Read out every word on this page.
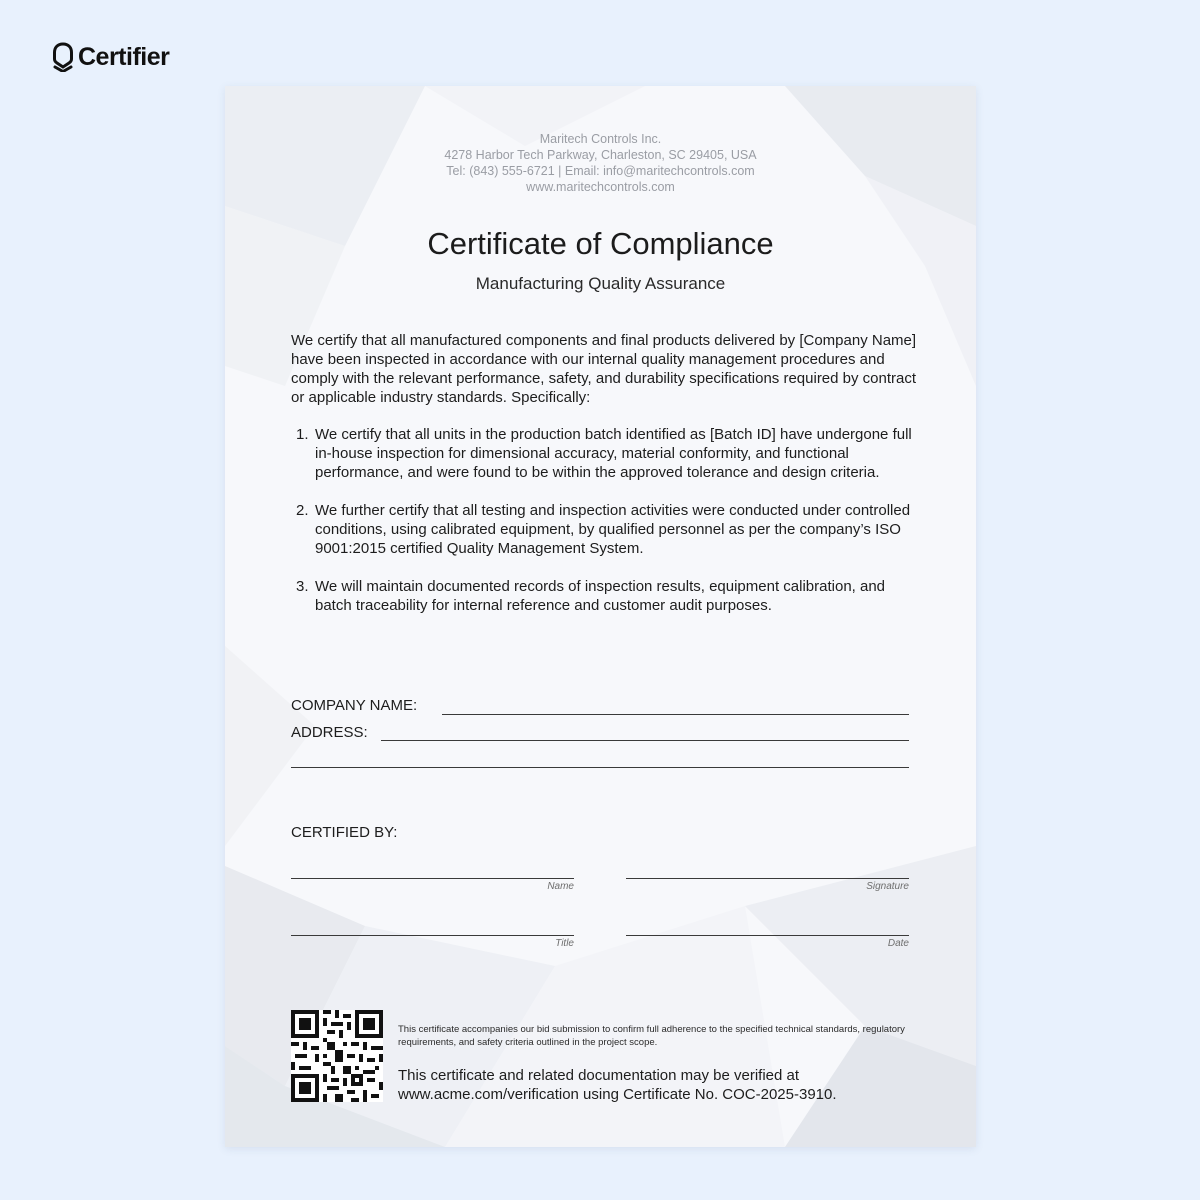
Certifier
Maritech Controls Inc.
4278 Harbor Tech Parkway, Charleston, SC 29405, USA
Tel: (843) 555-6721 | Email: info@maritechcontrols.com
www.maritechcontrols.com
Certificate of Compliance
Manufacturing Quality Assurance

We certify that all manufactured components and final products delivered by [Company Name] have been inspected in accordance with our internal quality management procedures and comply with the relevant performance, safety, and durability specifications required by contract or applicable industry standards. Specifically:

1. We certify that all units in the production batch identified as [Batch ID] have undergone full in-house inspection for dimensional accuracy, material conformity, and functional performance, and were found to be within the approved tolerance and design criteria.
2. We further certify that all testing and inspection activities were conducted under controlled conditions, using calibrated equipment, by qualified personnel as per the company’s ISO 9001:2015 certified Quality Management System.
3. We will maintain documented records of inspection results, equipment calibration, and batch traceability for internal reference and customer audit purposes.
COMPANY NAME:
ADDRESS:
CERTIFIED BY:
Name	Signature
Title	Date

This certificate accompanies our bid submission to confirm full adherence to the specified technical standards, regulatory requirements, and safety criteria outlined in the project scope.

This certificate and related documentation may be verified at www.acme.com/verification using Certificate No. COC-2025-3910.
